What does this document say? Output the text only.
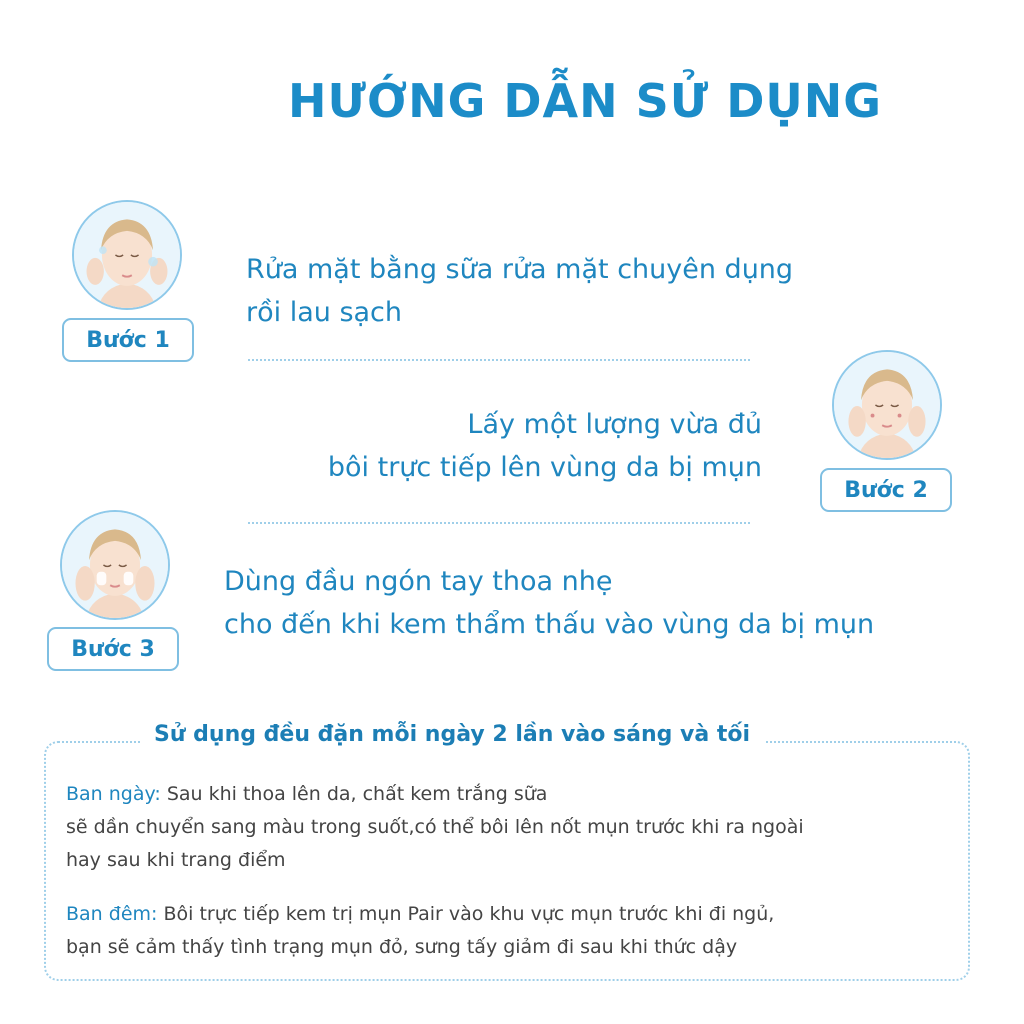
HƯỚNG DẪN SỬ DỤNG
Bước 1
Rửa mặt bằng sữa rửa mặt chuyên dụng
rồi lau sạch
Bước 2
Lấy một lượng vừa đủ
bôi trực tiếp lên vùng da bị mụn
Bước 3
Dùng đầu ngón tay thoa nhẹ
cho đến khi kem thẩm thấu vào vùng da bị mụn
Sử dụng đều đặn mỗi ngày 2 lần vào sáng và tối
Ban ngày: Sau khi thoa lên da, chất kem trắng sữa
sẽ dần chuyển sang màu trong suốt,có thể bôi lên nốt mụn trước khi ra ngoài
hay sau khi trang điểm
Ban đêm: Bôi trực tiếp kem trị mụn Pair vào khu vực mụn trước khi đi ngủ,
bạn sẽ cảm thấy tình trạng mụn đỏ, sưng tấy giảm đi sau khi thức dậy
